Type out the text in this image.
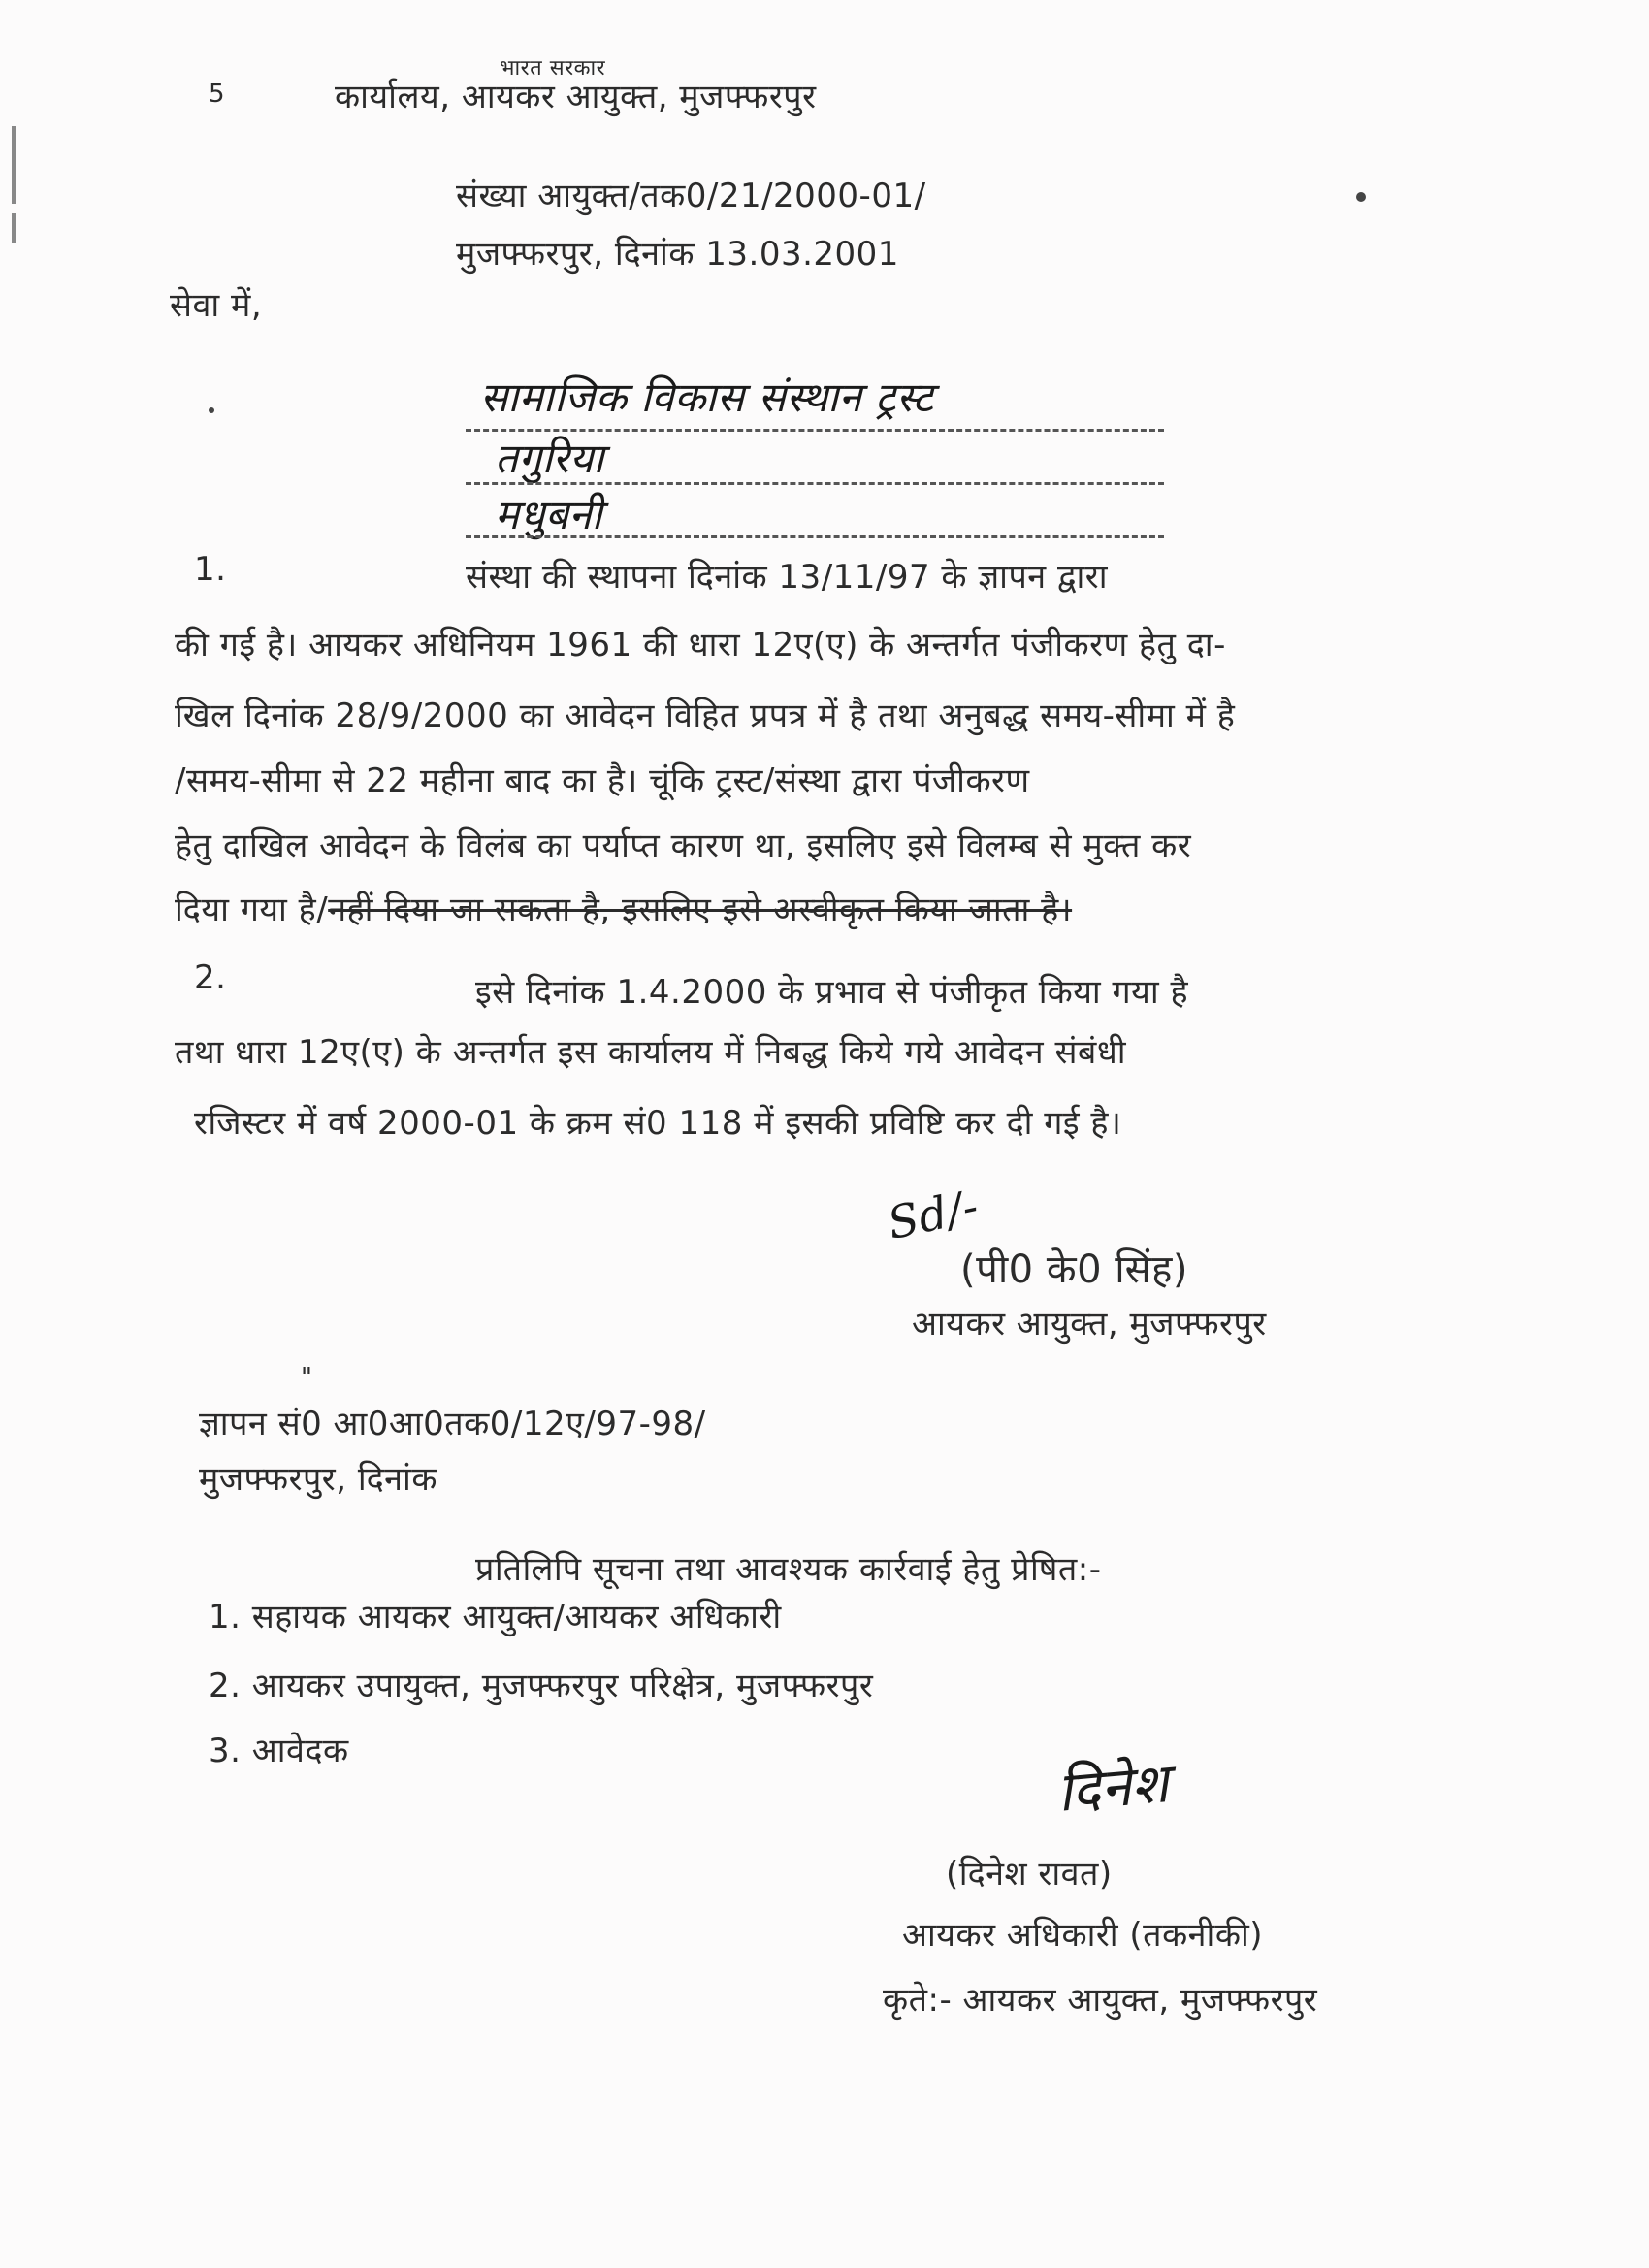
भारत सरकार
5	कार्यालय, आयकर आयुक्त, मुजफ्फरपुर
संख्या आयुक्त/तक0/21/2000-01/
मुजफ्फरपुर, दिनांक 13.03.2001
सेवा में,
सामाजिक विकास संस्थान ट्रस्ट
तगुरिया
मधुबनी
1.	संस्था की स्थापना दिनांक 13/11/97 के ज्ञापन द्वारा
की गई है। आयकर अधिनियम 1961 की धारा 12ए(ए) के अन्तर्गत पंजीकरण हेतु दा-
खिल दिनांक 28/9/2000 का आवेदन विहित प्रपत्र में है तथा अनुबद्ध समय-सीमा में है
/समय-सीमा से 22 महीना बाद का है। चूंकि ट्रस्ट/संस्था द्वारा पंजीकरण
हेतु दाखिल आवेदन के विलंब का पर्याप्त कारण था, इसलिए इसे विलम्ब से मुक्त कर
दिया गया है/नहीं दिया जा सकता है, इसलिए इसे अस्वीकृत किया जाता है।
2.	इसे दिनांक 1.4.2000 के प्रभाव से पंजीकृत किया गया है
तथा धारा 12ए(ए) के अन्तर्गत इस कार्यालय में निबद्ध किये गये आवेदन संबंधी
रजिस्टर में वर्ष 2000-01 के क्रम सं0 118 में इसकी प्रविष्टि कर दी गई है।
Sd/-
(पी0 के0 सिंह)
आयकर आयुक्त, मुजफ्फरपुर
"
ज्ञापन सं0 आ0आ0तक0/12ए/97-98/
मुजफ्फरपुर, दिनांक
प्रतिलिपि सूचना तथा आवश्यक कार्रवाई हेतु प्रेषित:-
1. सहायक आयकर आयुक्त/आयकर अधिकारी
2. आयकर उपायुक्त, मुजफ्फरपुर परिक्षेत्र, मुजफ्फरपुर
3. आवेदक
दिनेश
(दिनेश रावत)
आयकर अधिकारी (तकनीकी)
कृते:- आयकर आयुक्त, मुजफ्फरपुर
